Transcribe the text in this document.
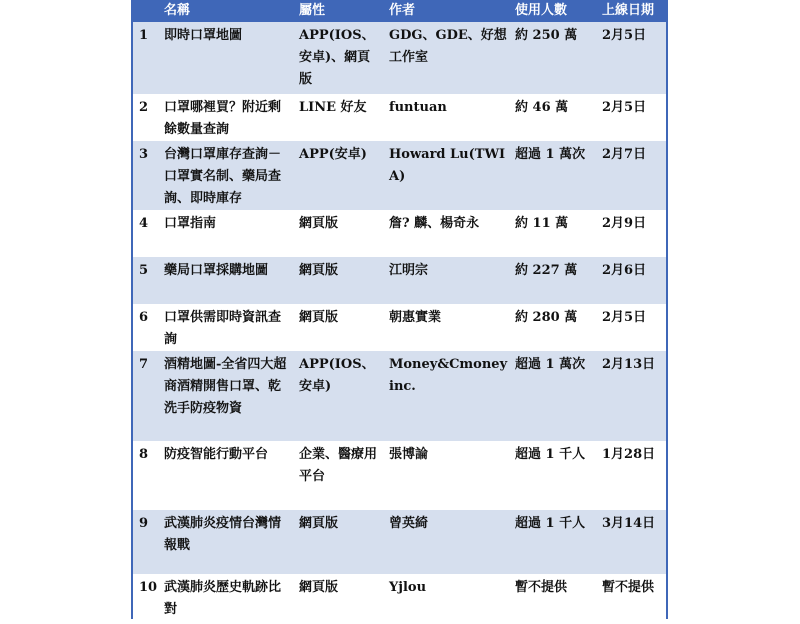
	名稱	屬性	作者	使用人數	上線日期
1	即時口罩地圖	APP(IOS、安卓)、網頁版	GDG、GDE、好想工作室	約 250 萬	2月5日
2	口罩哪裡買？附近剩餘數量查詢	LINE 好友	funtuan	約 46 萬	2月5日
3	台灣口罩庫存查詢－口罩實名制、藥局查詢、即時庫存	APP(安卓)	Howard Lu(TWIA)	超過 1 萬次	2月7日
4	口罩指南	網頁版	詹? 麟、楊奇永	約 11 萬	2月9日
5	藥局口罩採購地圖	網頁版	江明宗	約 227 萬	2月6日
6	口罩供需即時資訊查詢	網頁版	朝惠實業	約 280 萬	2月5日
7	酒精地圖-全省四大超商酒精開售口罩、乾洗手防疫物資	APP(IOS、安卓)	Money&Cmoney inc.	超過 1 萬次	2月13日
8	防疫智能行動平台	企業、醫療用平台	張博論	超過 1 千人	1月28日
9	武漢肺炎疫情台灣情報戰	網頁版	曾英綺	超過 1 千人	3月14日
10	武漢肺炎歷史軌跡比對	網頁版	Yjlou	暫不提供	暫不提供
